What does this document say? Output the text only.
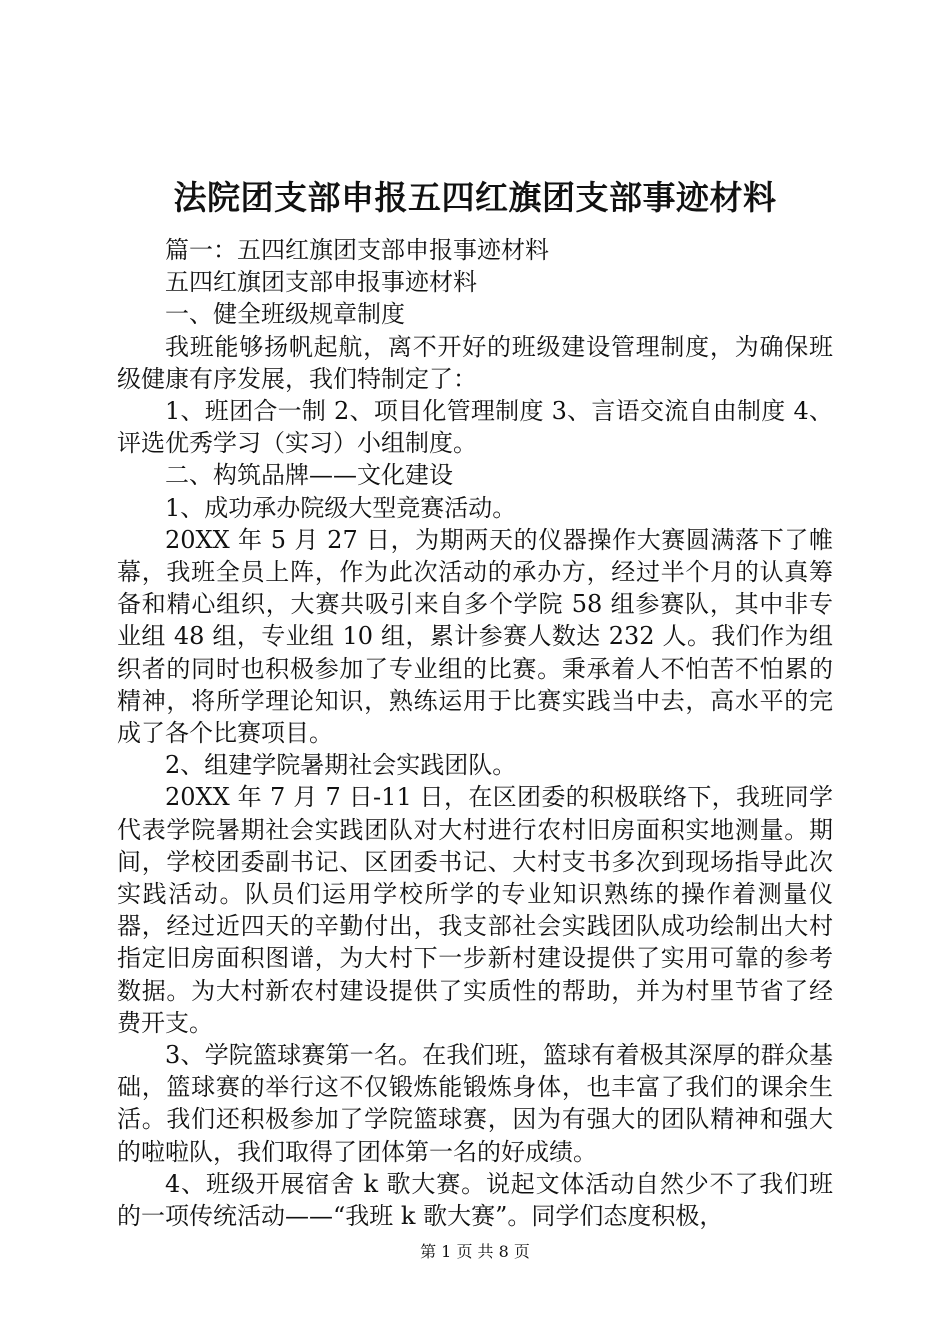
法院团支部申报五四红旗团支部事迹材料

篇一：五四红旗团支部申报事迹材料

五四红旗团支部申报事迹材料

一、健全班级规章制度

我班能够扬帆起航，离不开好的班级建设管理制度，为确保班级健康有序发展，我们特制定了：

1、班团合一制 2、项目化管理制度 3、言语交流自由制度 4、评选优秀学习（实习）小组制度。

二、构筑品牌——文化建设

1、成功承办院级大型竞赛活动。

20XX 年 5 月 27 日，为期两天的仪器操作大赛圆满落下了帷幕，我班全员上阵，作为此次活动的承办方，经过半个月的认真筹备和精心组织，大赛共吸引来自多个学院 58 组参赛队，其中非专业组 48 组，专业组 10 组，累计参赛人数达 232 人。我们作为组织者的同时也积极参加了专业组的比赛。秉承着人不怕苦不怕累的精神，将所学理论知识，熟练运用于比赛实践当中去，高水平的完成了各个比赛项目。

2、组建学院暑期社会实践团队。

20XX 年 7 月 7 日-11 日，在区团委的积极联络下，我班同学代表学院暑期社会实践团队对大村进行农村旧房面积实地测量。期间，学校团委副书记、区团委书记、大村支书多次到现场指导此次实践活动。队员们运用学校所学的专业知识熟练的操作着测量仪器，经过近四天的辛勤付出，我支部社会实践团队成功绘制出大村指定旧房面积图谱，为大村下一步新村建设提供了实用可靠的参考数据。为大村新农村建设提供了实质性的帮助，并为村里节省了经费开支。

3、学院篮球赛第一名。在我们班，篮球有着极其深厚的群众基础，篮球赛的举行这不仅锻炼能锻炼身体，也丰富了我们的课余生活。我们还积极参加了学院篮球赛，因为有强大的团队精神和强大的啦啦队，我们取得了团体第一名的好成绩。

4、班级开展宿舍 k 歌大赛。说起文体活动自然少不了我们班的一项传统活动——“我班 k 歌大赛”。同学们态度积极，

第 1 页 共 8 页
